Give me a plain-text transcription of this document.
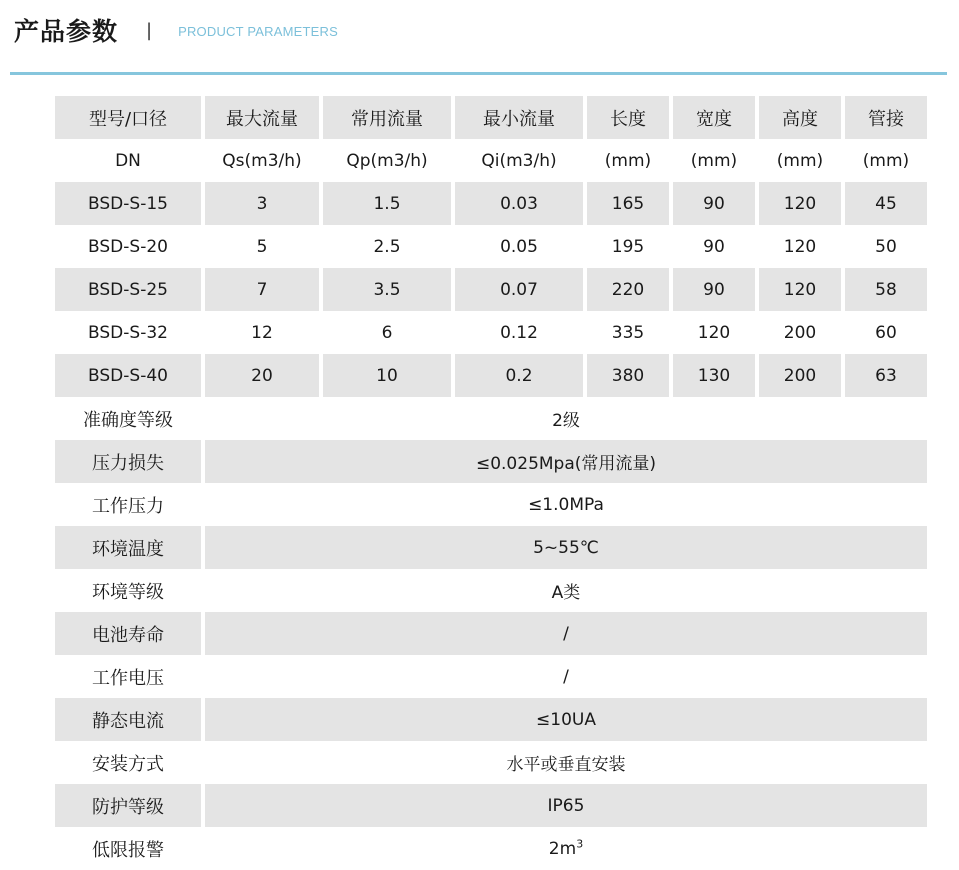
产品参数 | PRODUCT PARAMETERS
型号/口径	最大流量	常用流量	最小流量	长度	宽度	高度	管接
DN	Qs(m3/h)	Qp(m3/h)	Qi(m3/h)	(mm)	(mm)	(mm)	(mm)
BSD-S-15	3	1.5	0.03	165	90	120	45
BSD-S-20	5	2.5	0.05	195	90	120	50
BSD-S-25	7	3.5	0.07	220	90	120	58
BSD-S-32	12	6	0.12	335	120	200	60
BSD-S-40	20	10	0.2	380	130	200	63
准确度等级	2级						
压力损失	≤0.025Mpa(常用流量)						
工作压力	≤1.0MPa						
环境温度	5~55℃						
环境等级	A类						
电池寿命	/						
工作电压	/						
静态电流	≤10UA						
安装方式	水平或垂直安装						
防护等级	IP65						
低限报警	$2m^3$
